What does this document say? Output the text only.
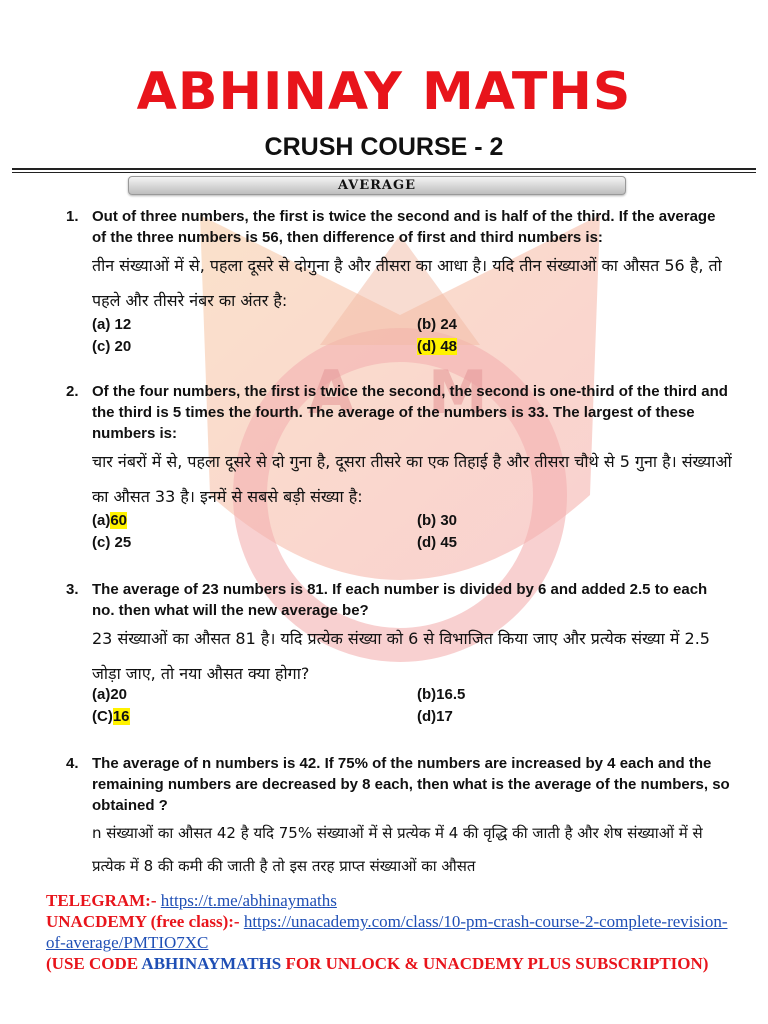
A M
ABHINAY MATHS
CRUSH COURSE - 2
AVERAGE
1. Out of three numbers, the first is twice the second and is half of the third. If the average of the three numbers is 56, then difference of first and third numbers is:

तीन संख्याओं में से, पहला दूसरे से दोगुना है और तीसरा का आधा है। यदि तीन संख्याओं का औसत 56 है, तो पहले और तीसरे नंबर का अंतर है:

(a) 12	(b) 24
(c) 20	(d) 48
2. Of the four numbers, the first is twice the second, the second is one-third of the third and the third is 5 times the fourth. The average of the numbers is 33. The largest of these numbers is:

चार नंबरों में से, पहला दूसरे से दो गुना है, दूसरा तीसरे का एक तिहाई है और तीसरा चौथे से 5 गुना है। संख्याओं का औसत 33 है। इनमें से सबसे बड़ी संख्या है:

(a)60	(b) 30
(c) 25	(d) 45
3. The average of 23 numbers is 81. If each number is divided by 6 and added 2.5 to each no. then what will the new average be?

23 संख्याओं का औसत 81 है। यदि प्रत्येक संख्या को 6 से विभाजित किया जाए और प्रत्येक संख्या में 2.5 जोड़ा जाए, तो नया औसत क्या होगा?

(a)20	(b)16.5
(C)16	(d)17
4. The average of n numbers is 42. If 75% of the numbers are increased by 4 each and the remaining numbers are decreased by 8 each, then what is the average of the numbers, so obtained ?

n संख्याओं का औसत 42 है यदि 75% संख्याओं में से प्रत्येक में 4 की वृद्धि की जाती है और शेष संख्याओं में से प्रत्येक में 8 की कमी की जाती है तो इस तरह प्राप्त संख्याओं का औसत

TELEGRAM:- https://t.me/abhinaymaths
UNACDEMY (free class):- https://unacademy.com/class/10-pm-crash-course-2-complete-revision-of-average/PMTIO7XC
(USE CODE ABHINAYMATHS FOR UNLOCK & UNACDEMY PLUS SUBSCRIPTION)
